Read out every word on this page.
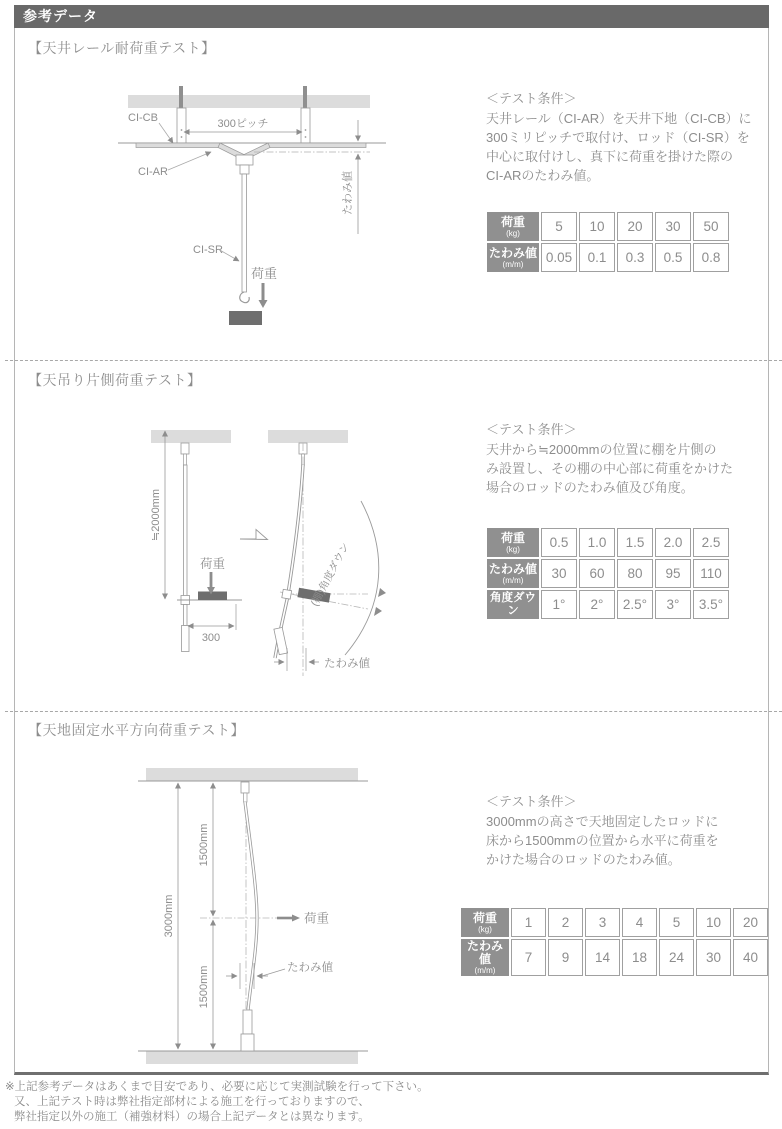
参考データ
【天井レール耐荷重テスト】
CI-CB	300ピッチ
CI-AR
CI-SR
荷重
たわみ値
＜テスト条件＞
天井レール（CI-AR）を天井下地（CI-CB）に
300ミリピッチで取付け、ロッド（CI-SR）を
中心に取付けし、真下に荷重を掛けた際の
CI-ARのたわみ値。
荷重
(kg)	5	10	20	30	50

たわみ値
(m/m)	0.05	0.1	0.3	0.5	0.8
【天吊り片側荷重テスト】
荷重
≒2000mm
300
(棚)角度ダウン
たわみ値
＜テスト条件＞
天井から≒2000mmの位置に棚を片側の
み設置し、その棚の中心部に荷重をかけた
場合のロッドのたわみ値及び角度。
荷重
(kg)	0.5	1.0	1.5	2.0	2.5

たわみ値
(m/m)	30	60	80	95	110

角度ダウン	1°	2°	2.5°	3°	3.5°
【天地固定水平方向荷重テスト】
3000mm
1500mm
1500mm
荷重
たわみ値
＜テスト条件＞
3000mmの高さで天地固定したロッドに
床から1500mmの位置から水平に荷重を
かけた場合のロッドのたわみ値。
荷重
(kg)	1	2	3	4	5	10	20

たわみ値
(m/m)	7	9	14	18	24	30	40
※上記参考データはあくまで目安であり、必要に応じて実測試験を行って下さい。
又、上記テスト時は弊社指定部材による施工を行っておりますので、
弊社指定以外の施工（補強材料）の場合上記データとは異なります。
